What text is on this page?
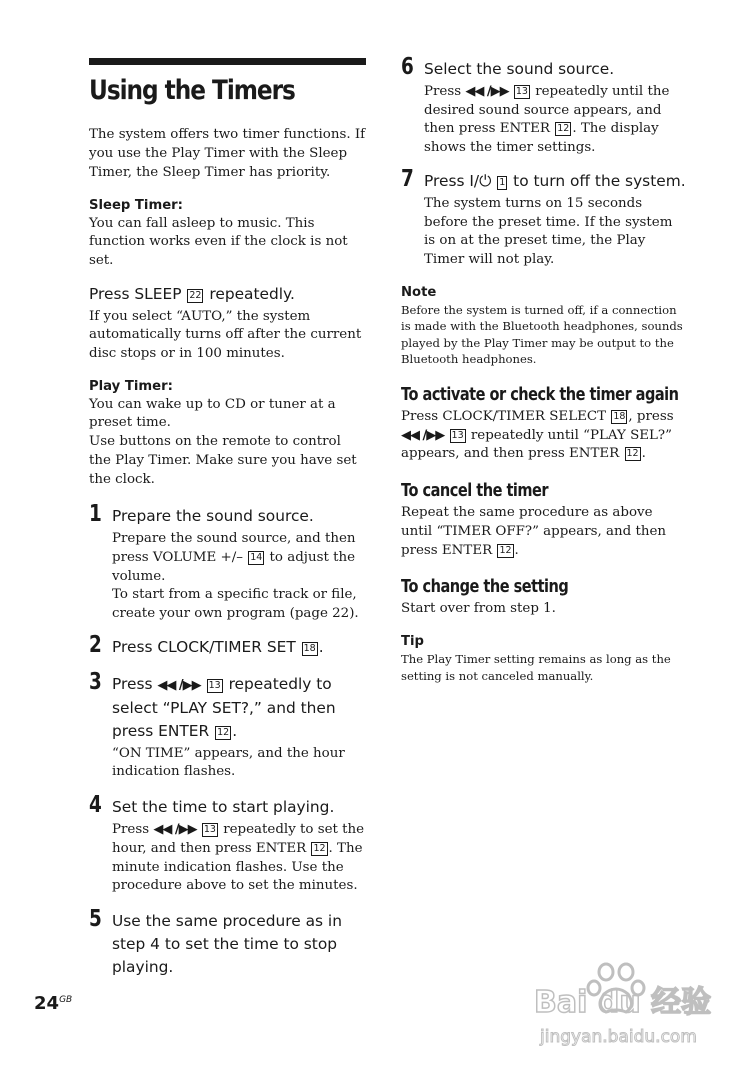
Using the Timers

The system offers two timer functions. If you use the Play Timer with the Sleep Timer, the Sleep Timer has priority.

Sleep Timer:

You can fall asleep to music. This function works even if the clock is not set.

Press SLEEP 22 repeatedly.

If you select “AUTO,” the system automatically turns off after the current disc stops or in 100 minutes.

Play Timer:

You can wake up to CD or tuner at a preset time.

Use buttons on the remote to control the Play Timer. Make sure you have set the clock.

1 Prepare the sound source.

Prepare the sound source, and then press VOLUME +/– 14 to adjust the volume.

To start from a specific track or file, create your own program (page 22).

2 Press CLOCK/TIMER SET 18 .

3 Press ◀◀ /▶▶ 13 repeatedly to select “PLAY SET?,” and then press ENTER 12 .

“ON TIME” appears, and the hour indication flashes.

4 Set the time to start playing.

Press ◀◀ /▶▶ 13 repeatedly to set the hour, and then press ENTER 12 . The minute indication flashes. Use the procedure above to set the minutes.

5 Use the same procedure as in step 4 to set the time to stop playing.

6 Select the sound source.

Press ◀◀ /▶▶ 13 repeatedly until the desired sound source appears, and then press ENTER 12 . The display shows the timer settings.

7 Press I/⏻ 1 to turn off the system.

The system turns on 15 seconds before the preset time. If the system is on at the preset time, the Play Timer will not play.

Note

Before the system is turned off, if a connection is made with the Bluetooth headphones, sounds played by the Play Timer may be output to the Bluetooth headphones.

To activate or check the timer again

Press CLOCK/TIMER SELECT 18 , press ◀◀ /▶▶ 13 repeatedly until “PLAY SEL?” appears, and then press ENTER 12 .

To cancel the timer

Repeat the same procedure as above until “TIMER OFF?” appears, and then press ENTER 12 .

To change the setting

Start over from step 1.

Tip

The Play Timer setting remains as long as the setting is not canceled manually.

$24^{GB}$	Bai du 经验
jingyan.baidu.com
